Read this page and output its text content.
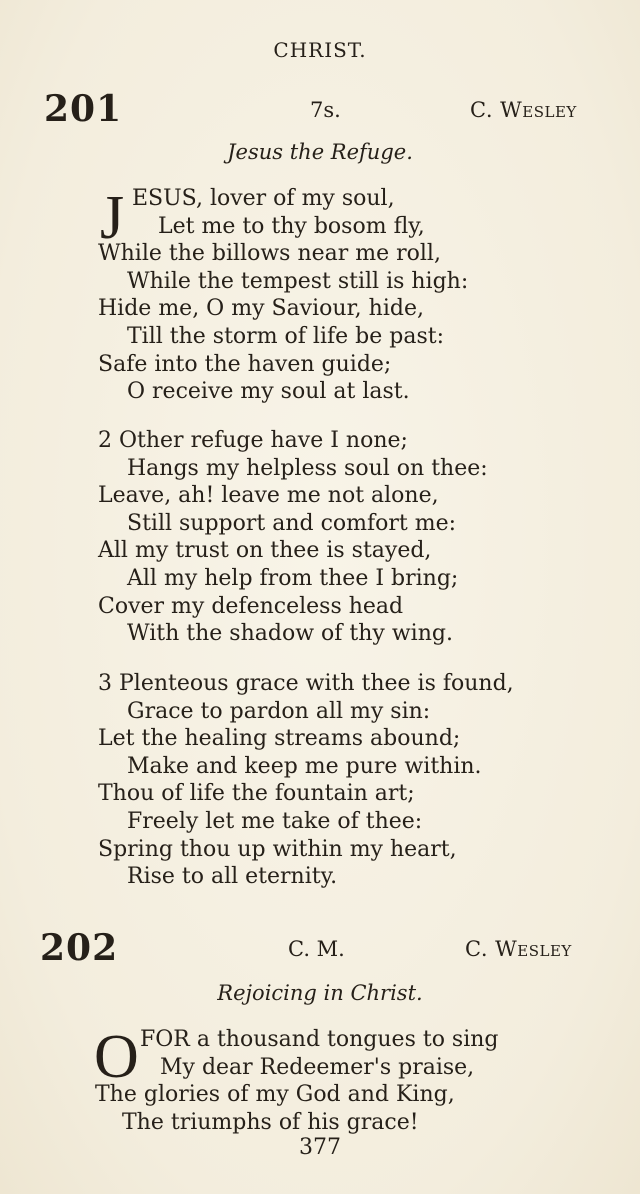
CHRIST.
201	7s.	C. Wesley
Jesus the Refuge.
J ESUS, lover of my soul,
Let me to thy bosom fly,
While the billows near me roll,
While the tempest still is high:
Hide me, O my Saviour, hide,
Till the storm of life be past:
Safe into the haven guide;
O receive my soul at last.
2 Other refuge have I none;
Hangs my helpless soul on thee:
Leave, ah! leave me not alone,
Still support and comfort me:
All my trust on thee is stayed,
All my help from thee I bring;
Cover my defenceless head
With the shadow of thy wing.
3 Plenteous grace with thee is found,
Grace to pardon all my sin:
Let the healing streams abound;
Make and keep me pure within.
Thou of life the fountain art;
Freely let me take of thee:
Spring thou up within my heart,
Rise to all eternity.
202	C. M.	C. Wesley
Rejoicing in Christ.
O FOR a thousand tongues to sing
My dear Redeemer's praise,
The glories of my God and King,
The triumphs of his grace!
377
